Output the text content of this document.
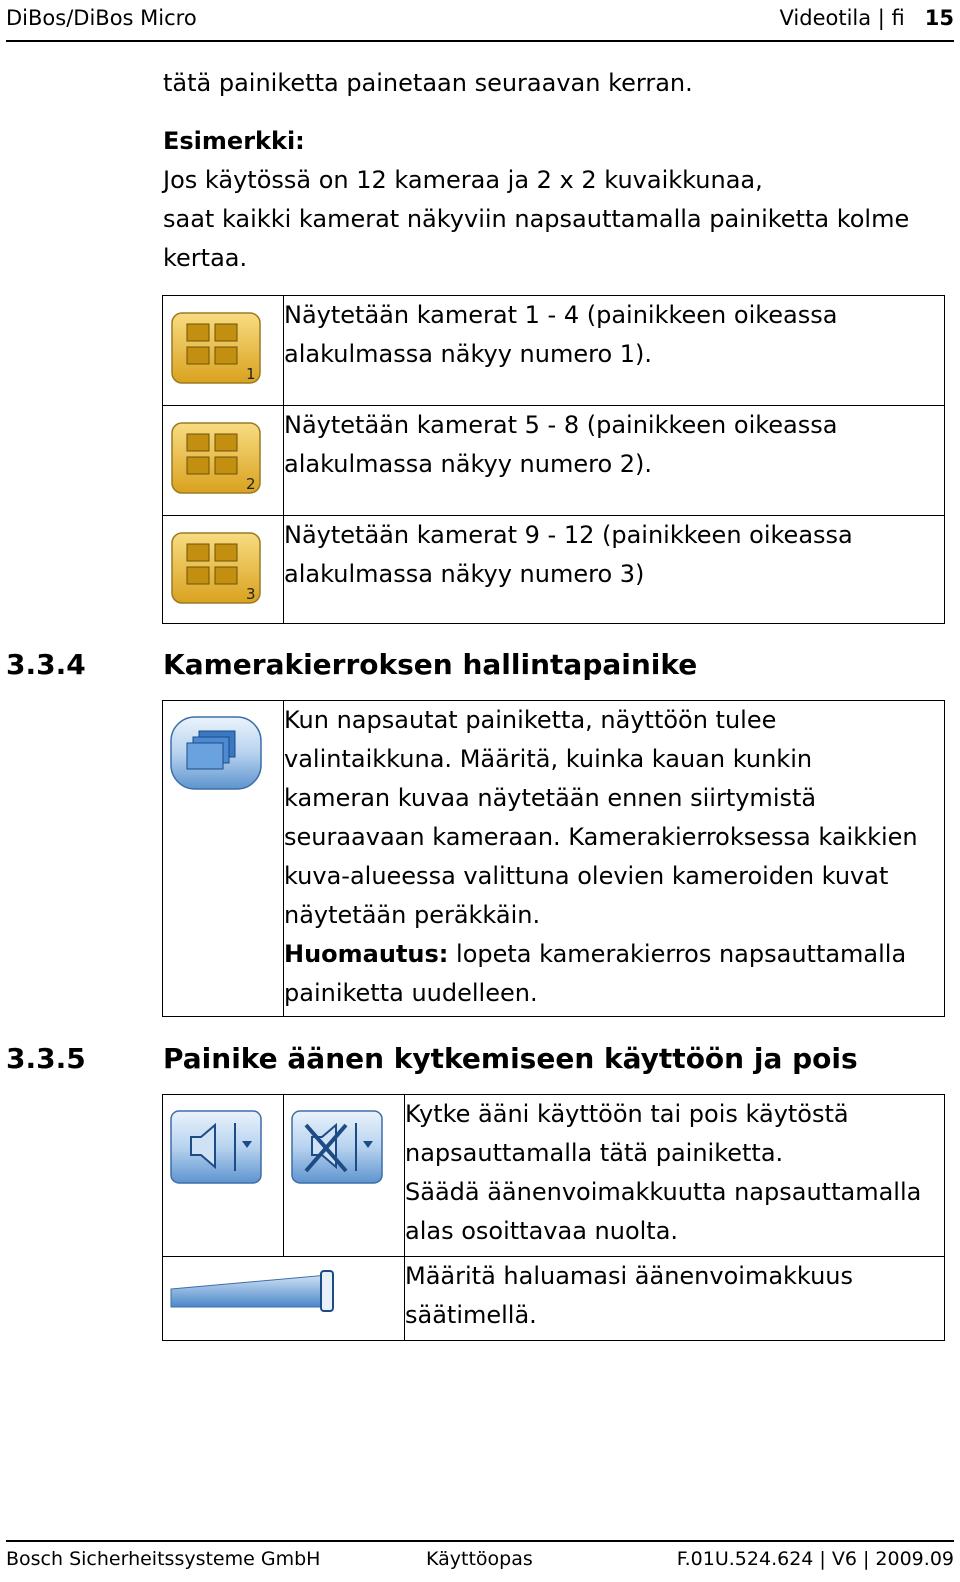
DiBos/DiBos Micro	Videotila | fi 15
tätä painiketta painetaan seuraavan kerran.
Esimerkki:
Jos käytössä on 12 kameraa ja 2 x 2 kuvaikkunaa,
saat kaikki kamerat näkyviin napsauttamalla painiketta kolme
kertaa.
1	Näytetään kamerat 1 - 4 (painikkeen oikeassa
alakulmassa näkyy numero 1).

2	Näytetään kamerat 5 - 8 (painikkeen oikeassa
alakulmassa näkyy numero 2).

3	Näytetään kamerat 9 - 12 (painikkeen oikeassa
alakulmassa näkyy numero 3)
3.3.4	Kamerakierroksen hallintapainike

Kun napsautat painiketta, näyttöön tulee
valintaikkuna. Määritä, kuinka kauan kunkin
kameran kuvaa näytetään ennen siirtymistä
seuraavaan kameraan. Kamerakierroksessa kaikkien
kuva-alueessa valittuna olevien kameroiden kuvat
näytetään peräkkäin.
Huomautus: lopeta kamerakierros napsauttamalla
painiketta uudelleen.
3.3.5	Painike äänen kytkemiseen käyttöön ja pois

Kytke ääni käyttöön tai pois käytöstä
napsauttamalla tätä painiketta.
Säädä äänenvoimakkuutta napsauttamalla
alas osoittavaa nuolta.

Määritä haluamasi äänenvoimakkuus
säätimellä.
Bosch Sicherheitssysteme GmbH	Käyttöopas	F.01U.524.624 | V6 | 2009.09
